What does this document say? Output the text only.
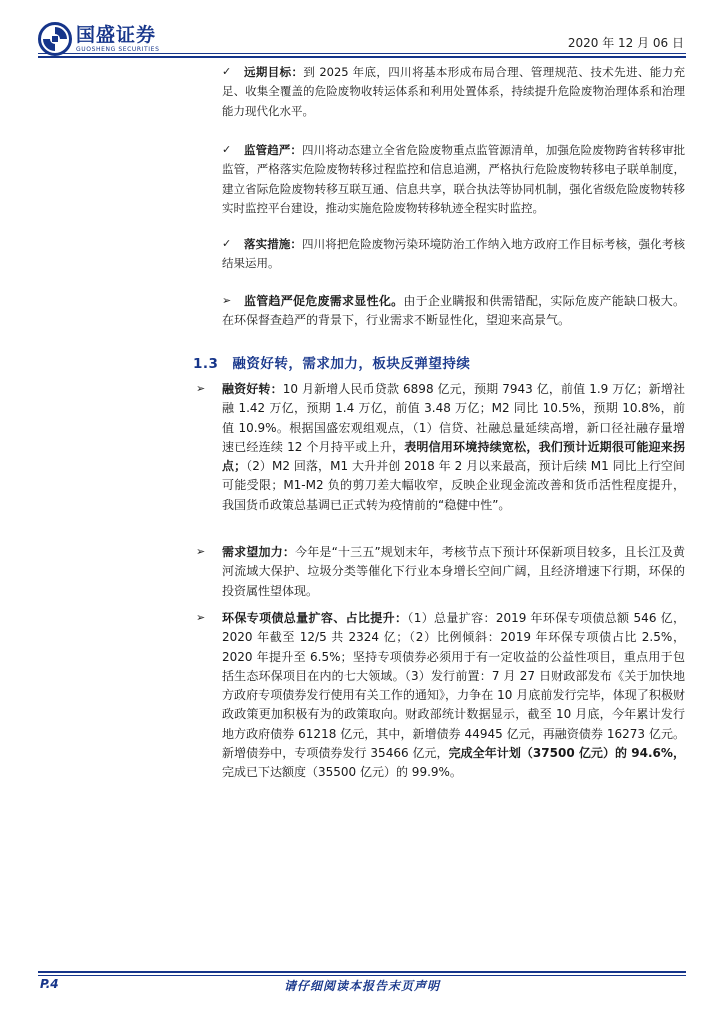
国盛证券
GUOSHENG SECURITIES	2020 年 12 月 06 日
✓	远期目标：到 2025 年底，四川将基本形成布局合理、管理规范、技术先进、能力充足、收集全覆盖的危险废物收转运体系和利用处置体系，持续提升危险废物治理体系和治理能力现代化水平。
✓	监管趋严：四川将动态建立全省危险废物重点监管源清单，加强危险废物跨省转移审批监管，严格落实危险废物转移过程监控和信息追溯，严格执行危险废物转移电子联单制度，建立省际危险废物转移互联互通、信息共享，联合执法等协同机制，强化省级危险废物转移实时监控平台建设，推动实施危险废物转移轨迹全程实时监控。
✓	落实措施：四川将把危险废物污染环境防治工作纳入地方政府工作目标考核，强化考核结果运用。
➢	监管趋严促危废需求显性化。由于企业瞒报和供需错配，实际危废产能缺口极大。在环保督查趋严的背景下，行业需求不断显性化，望迎来高景气。
1.3 融资好转，需求加力，板块反弹望持续
➢ 融资好转：10 月新增人民币贷款 6898 亿元，预期 7943 亿，前值 1.9 万亿；新增社融 1.42 万亿，预期 1.4 万亿，前值 3.48 万亿；M2 同比 10.5%，预期 10.8%，前值 10.9%。根据国盛宏观组观点，（1）信贷、社融总量延续高增，新口径社融存量增速已经连续 12 个月持平或上升，表明信用环境持续宽松，我们预计近期很可能迎来拐点；（2）M2 回落，M1 大升并创 2018 年 2 月以来最高，预计后续 M1 同比上行空间可能受限；M1-M2 负的剪刀差大幅收窄，反映企业现金流改善和货币活性程度提升，我国货币政策总基调已正式转为疫情前的“稳健中性”。
➢ 需求望加力：今年是“十三五”规划末年，考核节点下预计环保新项目较多，且长江及黄河流域大保护、垃圾分类等催化下行业本身增长空间广阔，且经济增速下行期，环保的投资属性望体现。
➢ 环保专项债总量扩容、占比提升：（1）总量扩容：2019 年环保专项债总额 546 亿，2020 年截至 12/5 共 2324 亿；（2）比例倾斜：2019 年环保专项债占比 2.5%，2020 年提升至 6.5%；坚持专项债券必须用于有一定收益的公益性项目，重点用于包括生态环保项目在内的七大领域。（3）发行前置：7 月 27 日财政部发布《关于加快地方政府专项债券发行使用有关工作的通知》，力争在 10 月底前发行完毕，体现了积极财政政策更加积极有为的政策取向。财政部统计数据显示，截至 10 月底，今年累计发行地方政府债券 61218 亿元，其中，新增债券 44945 亿元，再融资债券 16273 亿元。新增债券中，专项债券发行 35466 亿元，完成全年计划（37500 亿元）的 94.6%，完成已下达额度（35500 亿元）的 99.9%。
P.4	请仔细阅读本报告末页声明
